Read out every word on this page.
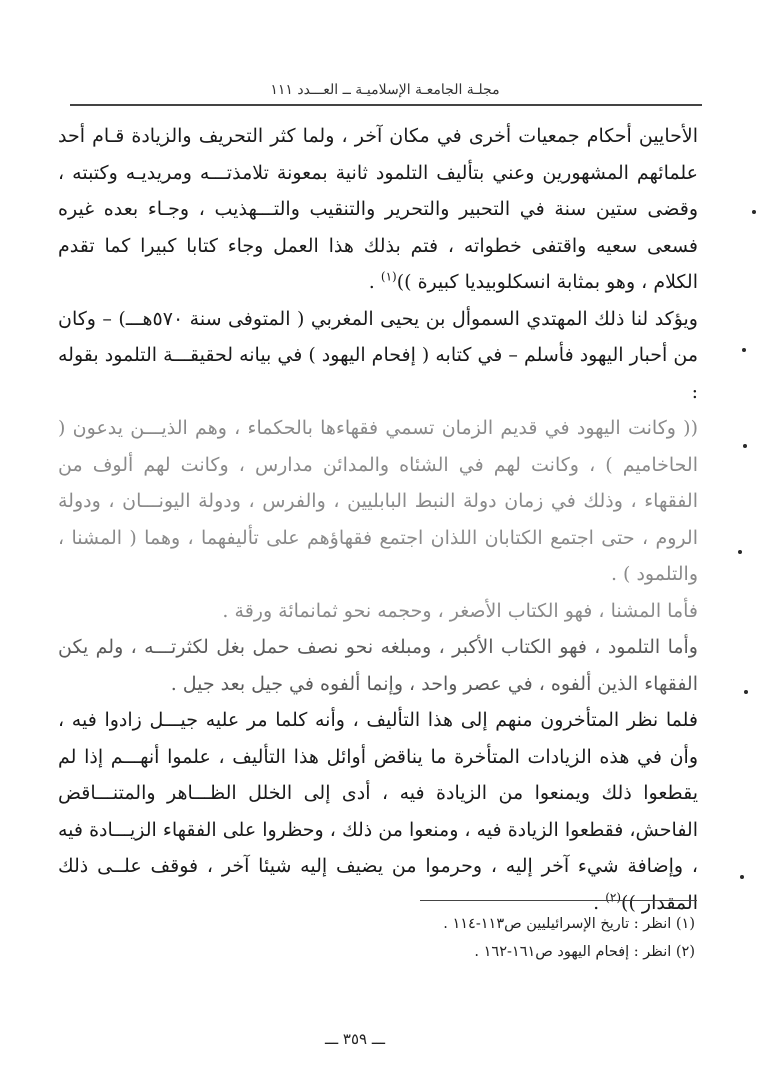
مجلـة الجامعـة الإسلاميـة ــ العـــدد ١١١

الأحايين أحكام جمعيات أخرى في مكان آخر ، ولما كثر التحريف والزيادة قـام أحد علمائهم المشهورين وعني بتأليف التلمود ثانية بمعونة تلامذتـــه ومريديـه وكتبته ، وقضى ستين سنة في التحبير والتحرير والتنقيب والتـــهذيب ، وجـاء بعده غيره فسعى سعيه واقتفى خطواته ، فتم بذلك هذا العمل وجاء كتابا كبيرا كما تقدم الكلام ، وهو بمثابة انسكلوبيديا كبيرة ))$^{(١)}$ .

ويؤكد لنا ذلك المهتدي السموأل بن يحيى المغربي ( المتوفى سنة ٥٧٠هـــ) – وكان من أحبار اليهود فأسلم – في كتابه ( إفحام اليهود ) في بيانه لحقيقـــة التلمود بقوله :

(( وكانت اليهود في قديم الزمان تسمي فقهاءها بالحكماء ، وهم الذيـــن يدعون ( الحاخاميم ) ، وكانت لهم في الشئاه والمدائن مدارس ، وكانت لهم ألوف من الفقهاء ، وذلك في زمان دولة النبط البابليين ، والفرس ، ودولة اليونـــان ، ودولة الروم ، حتى اجتمع الكتابان اللذان اجتمع فقهاؤهم على تأليفهما ، وهما ( المشنا ، والتلمود ) .

فأما المشنا ، فهو الكتاب الأصغر ، وحجمه نحو ثمانمائة ورقة .

وأما التلمود ، فهو الكتاب الأكبر ، ومبلغه نحو نصف حمل بغل لكثرتـــه ، ولم يكن الفقهاء الذين ألفوه ، في عصر واحد ، وإنما ألفوه في جيل بعد جيل .

فلما نظر المتأخرون منهم إلى هذا التأليف ، وأنه كلما مر عليه جيـــل زادوا فيه ، وأن في هذه الزيادات المتأخرة ما يناقض أوائل هذا التأليف ، علموا أنهـــم إذا لم يقطعوا ذلك ويمنعوا من الزيادة فيه ، أدى إلى الخلل الظـــاهر والمتنـــاقض الفاحش، فقطعوا الزيادة فيه ، ومنعوا من ذلك ، وحظروا على الفقهاء الزيـــادة فيه ، وإضافة شيء آخر إليه ، وحرموا من يضيف إليه شيئا آخر ، فوقف علــى ذلك المقدار ))$^{(٢)}$ .

(١) انظر : تاريخ الإسرائيليين ص١١٣-١١٤ .

(٢) انظر : إفحام اليهود ص١٦١-١٦٢ .

ـــ ٣٥٩ ـــ
